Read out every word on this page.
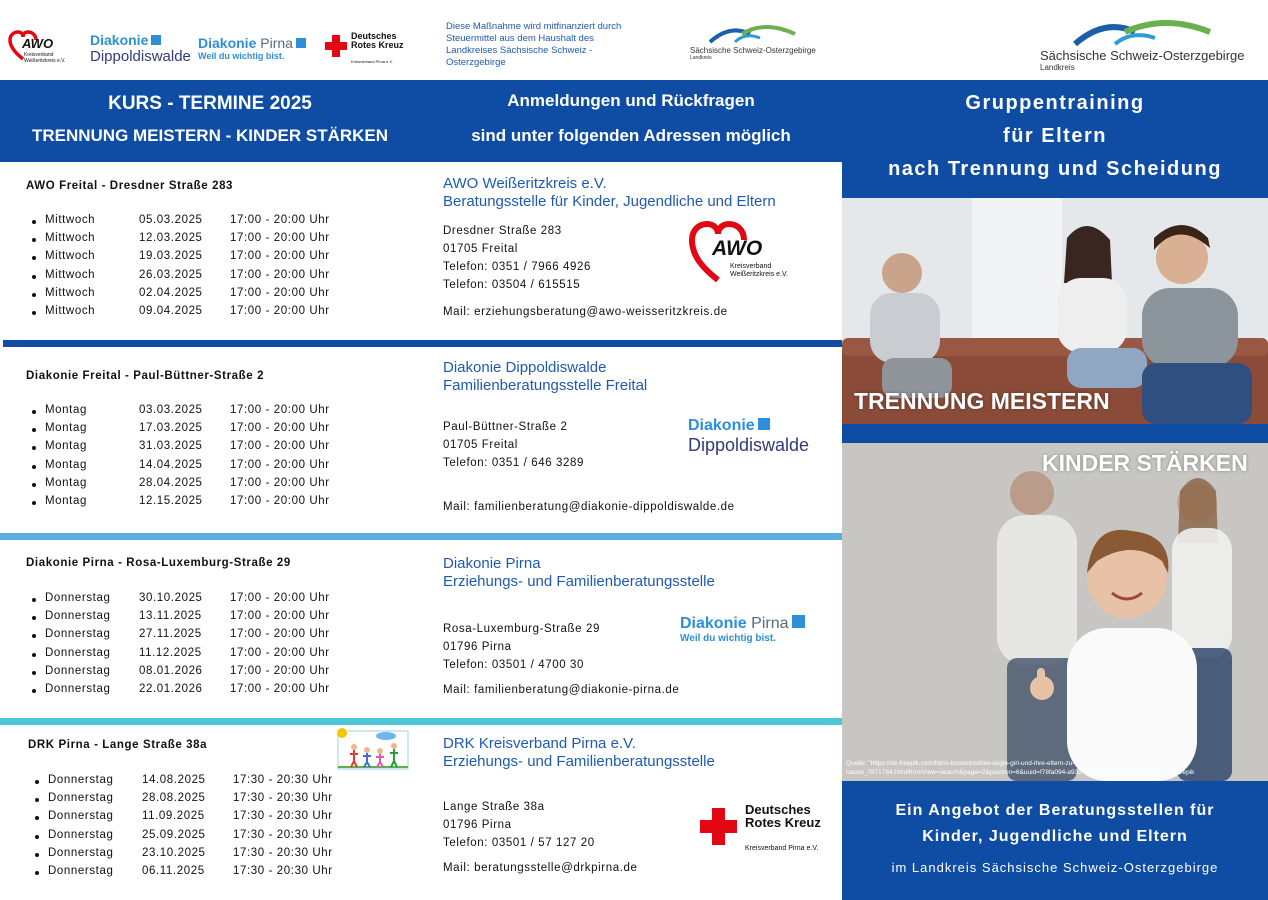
AWO
Kreisverband Weißeritzkreis e.V.
Diakonie
Dippoldiswalde
Diakonie Pirna
Weil du wichtig bist.
Deutsches Rotes Kreuz
Kreisverband Pirna e.V.
Diese Maßnahme wird mitfinanziert durch Steuermittel aus dem Haushalt des Landkreises Sächsische Schweiz - Osterzgebirge
Sächsische Schweiz-Osterzgebirge
Landkreis	Sächsische Schweiz-Osterzgebirge
Landkreis
KURS - TERMINE 2025
TRENNUNG MEISTERN - KINDER STÄRKEN
Anmeldungen und Rückfragen
sind unter folgenden Adressen möglich
AWO Freital - Dresdner Straße 283
Mittwoch	05.03.2025 17:00 - 20:00 Uhr
Mittwoch	12.03.2025 17:00 - 20:00 Uhr
Mittwoch	19.03.2025 17:00 - 20:00 Uhr
Mittwoch	26.03.2025 17:00 - 20:00 Uhr
Mittwoch	02.04.2025 17:00 - 20:00 Uhr
Mittwoch	09.04.2025 17:00 - 20:00 Uhr
AWO Weißeritzkreis e.V.
Beratungsstelle für Kinder, Jugendliche und Eltern
Dresdner Straße 283
01705 Freital
Telefon: 0351 / 7966 4926
Telefon: 03504 / 615515
Mail: erziehungsberatung@awo-weisseritzkreis.de
AWO
Kreisverband
Weißeritzkreis e.V.
Diakonie Freital - Paul-Büttner-Straße 2
Montag	03.03.2025 17:00 - 20:00 Uhr
Montag	17.03.2025 17:00 - 20:00 Uhr
Montag	31.03.2025 17:00 - 20:00 Uhr
Montag	14.04.2025 17:00 - 20:00 Uhr
Montag	28.04.2025 17:00 - 20:00 Uhr
Montag	12.15.2025 17:00 - 20:00 Uhr
Diakonie Dippoldiswalde
Familienberatungsstelle Freital
Paul-Büttner-Straße 2
01705 Freital
Telefon: 0351 / 646 3289
Mail: familienberatung@diakonie-dippoldiswalde.de
Diakonie
Dippoldiswalde
Diakonie Pirna - Rosa-Luxemburg-Straße 29
Donnerstag 30.10.2025 17:00 - 20:00 Uhr
Donnerstag 13.11.2025 17:00 - 20:00 Uhr
Donnerstag 27.11.2025 17:00 - 20:00 Uhr
Donnerstag 11.12.2025 17:00 - 20:00 Uhr
Donnerstag 08.01.2026 17:00 - 20:00 Uhr
Donnerstag 22.01.2026 17:00 - 20:00 Uhr
Diakonie Pirna
Erziehungs- und Familienberatungsstelle
Rosa-Luxemburg-Straße 29
01796 Pirna
Telefon: 03501 / 4700 30
Mail: familienberatung@diakonie-pirna.de
Diakonie Pirna
Weil du wichtig bist.
DRK Pirna - Lange Straße 38a
Donnerstag 14.08.2025 17:30 - 20:30 Uhr
Donnerstag 28.08.2025 17:30 - 20:30 Uhr
Donnerstag 11.09.2025 17:30 - 20:30 Uhr
Donnerstag 25.09.2025 17:30 - 20:30 Uhr
Donnerstag 23.10.2025 17:30 - 20:30 Uhr
Donnerstag 06.11.2025 17:30 - 20:30 Uhr
DRK Kreisverband Pirna e.V.
Erziehungs- und Familienberatungsstelle
Lange Straße 38a
01796 Pirna
Telefon: 03501 / 57 127 20
Mail: beratungsstelle@drkpirna.de
Deutsches Rotes Kreuz
Kreisverband Pirna e.V.
Gruppentraining
für Eltern
nach Trennung und Scheidung
TRENNUNG MEISTERN
KINDER STÄRKEN
Quelle: "https://de.freepik.com/fotos-kostenlos/low-angle-girl-und-ihre-eltern-zu-hause_7871784.htm#fromView=search&page=2&position=6&uuid=f78fa094-a932-482b-888e-1ada7fc91737" von freepik
Ein Angebot der Beratungsstellen für
Kinder, Jugendliche und Eltern
im Landkreis Sächsische Schweiz-Osterzgebirge
